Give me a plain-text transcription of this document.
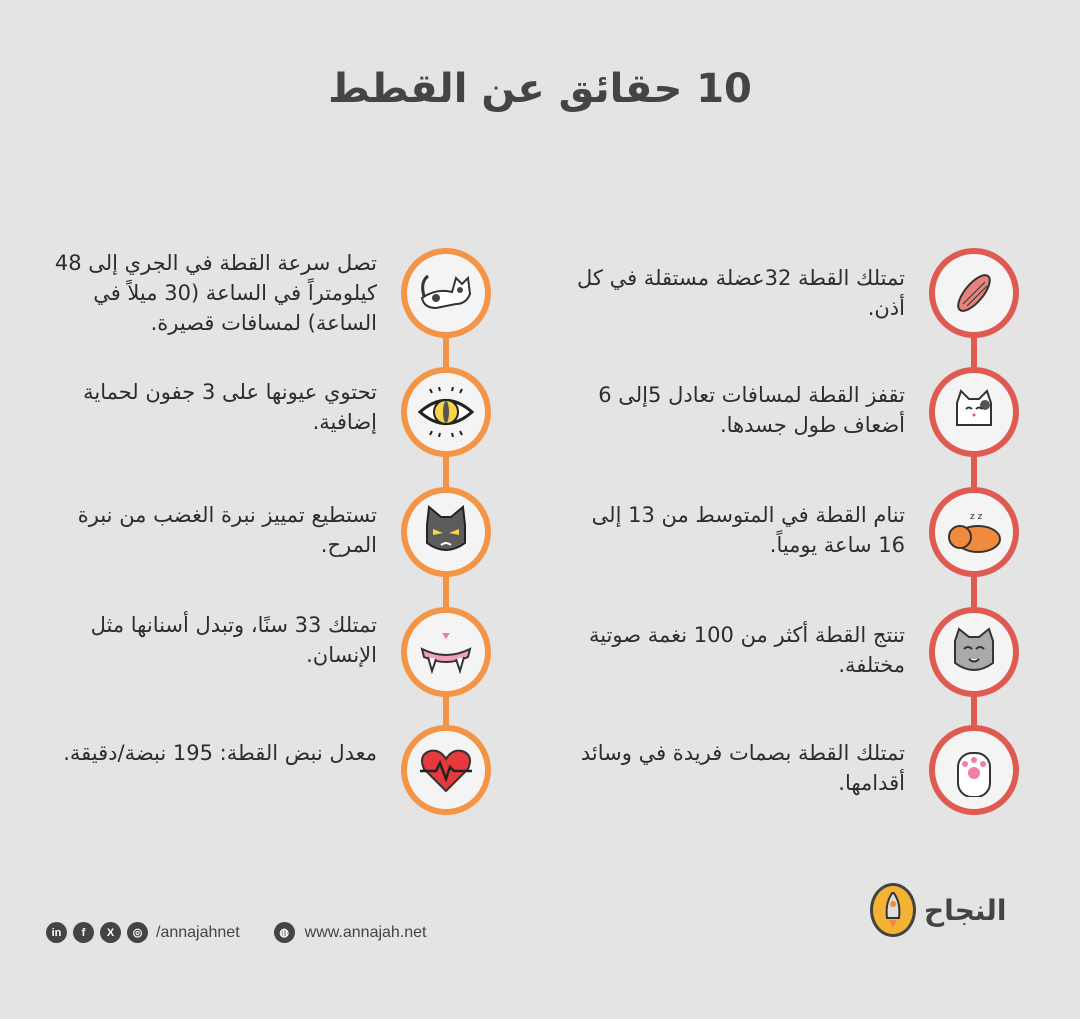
10 حقائق عن القطط
تمتلك القطة 32عضلة مستقلة في كل أذن.
تقفز القطة لمسافات تعادل 5إلى 6 أضعاف طول جسدها.
z z
تنام القطة في المتوسط من 13 إلى 16 ساعة يومياً.
تنتج القطة أكثر من 100 نغمة صوتية مختلفة.
تمتلك القطة بصمات فريدة في وسائد أقدامها.
تصل سرعة القطة في الجري إلى 48 كيلومتراً في الساعة (30 ميلاً في الساعة) لمسافات قصيرة.
تحتوي عيونها على 3 جفون لحماية إضافية.
تستطيع تمييز نبرة الغضب من نبرة المرح.
تمتلك 33 سنًا، وتبدل أسنانها مثل الإنسان.
معدل نبض القطة: 195 نبضة/دقيقة.
in	f	X	◎ /annajahnet	◍ www.annajah.net
النجاح
